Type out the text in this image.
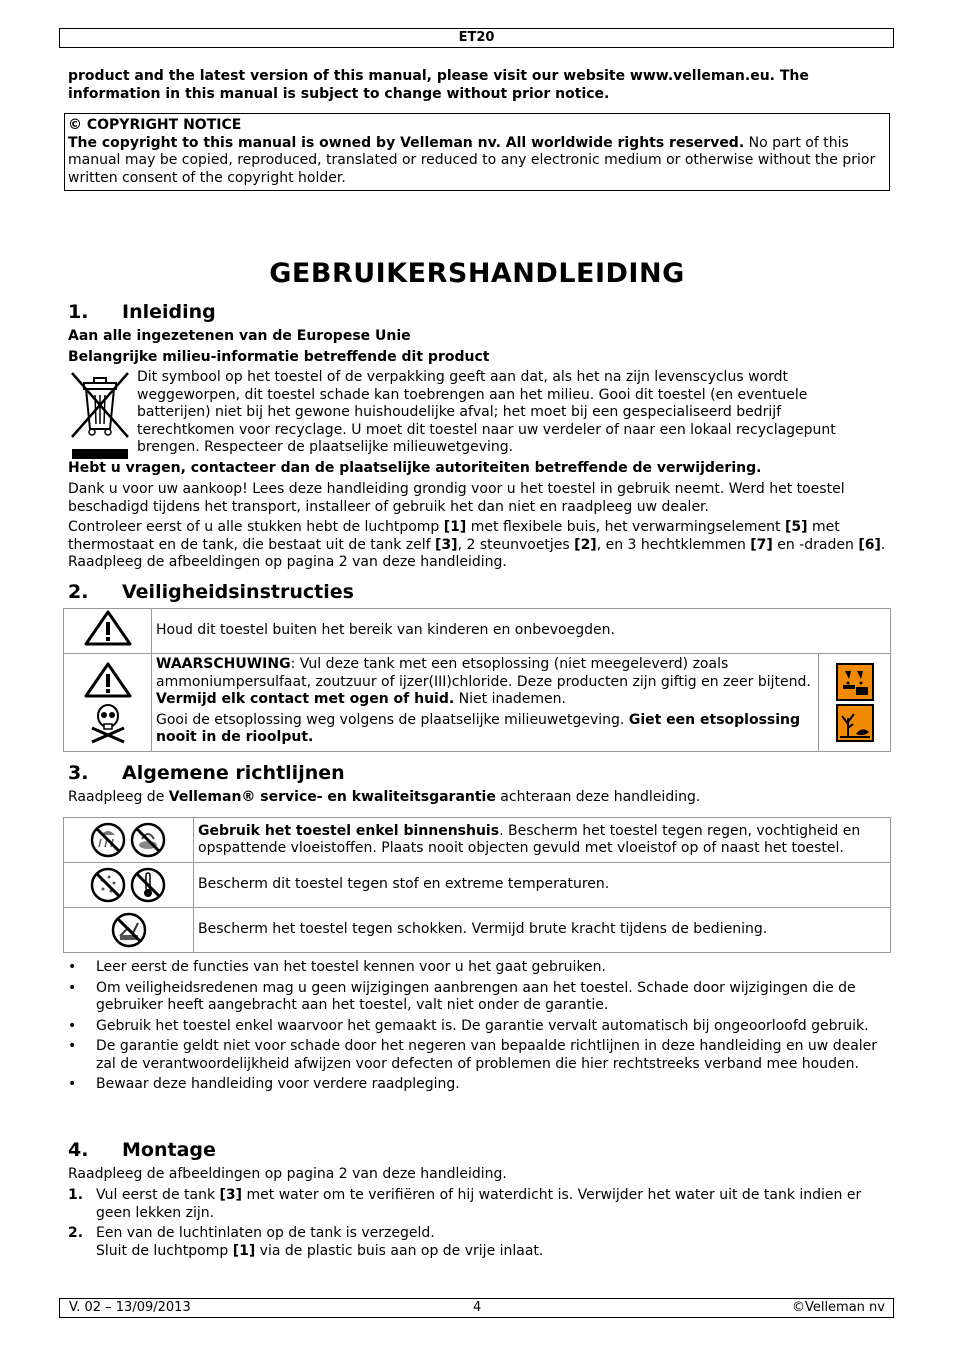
ET20
product and the latest version of this manual, please visit our website www.velleman.eu. The information in this manual is subject to change without prior notice.
© COPYRIGHT NOTICE
The copyright to this manual is owned by Velleman nv. All worldwide rights reserved. No part of this manual may be copied, reproduced, translated or reduced to any electronic medium or otherwise without the prior written consent of the copyright holder.
GEBRUIKERSHANDLEIDING
1. Inleiding
Aan alle ingezetenen van de Europese Unie
Belangrijke milieu-informatie betreffende dit product
Dit symbool op het toestel of de verpakking geeft aan dat, als het na zijn levenscyclus wordt weggeworpen, dit toestel schade kan toebrengen aan het milieu. Gooi dit toestel (en eventuele batterijen) niet bij het gewone huishoudelijke afval; het moet bij een gespecialiseerd bedrijf terechtkomen voor recyclage. U moet dit toestel naar uw verdeler of naar een lokaal recyclagepunt brengen. Respecteer de plaatselijke milieuwetgeving.
Hebt u vragen, contacteer dan de plaatselijke autoriteiten betreffende de verwijdering.
Dank u voor uw aankoop! Lees deze handleiding grondig voor u het toestel in gebruik neemt. Werd het toestel beschadigd tijdens het transport, installeer of gebruik het dan niet en raadpleeg uw dealer.
Controleer eerst of u alle stukken hebt de luchtpomp [1] met flexibele buis, het verwarmingselement [5] met thermostaat en de tank, die bestaat uit de tank zelf [3], 2 steunvoetjes [2], en 3 hechtklemmen [7] en -draden [6]. Raadpleeg de afbeeldingen op pagina 2 van deze handleiding.
2. Veiligheidsinstructies
	Houd dit toestel buiten het bereik van kinderen en onbevoegden.	

WAARSCHUWING: Vul deze tank met een etsoplossing (niet meegeleverd) zoals ammoniumpersulfaat, zoutzuur of ijzer(III)chloride. Deze producten zijn giftig en zeer bijtend. Vermijd elk contact met ogen of huid. Niet inademen.
Gooi de etsoplossing weg volgens de plaatselijke milieuwetgeving. Giet een etsoplossing nooit in de rioolput.

3. Algemene richtlijnen
Raadpleeg de Velleman® service- en kwaliteitsgarantie achteraan deze handleiding.
	Gebruik het toestel enkel binnenshuis. Bescherm het toestel tegen regen, vochtigheid en opspattende vloeistoffen. Plaats nooit objecten gevuld met vloeistof op of naast het toestel.

	Bescherm dit toestel tegen stof en extreme temperaturen.

	Bescherm het toestel tegen schokken. Vermijd brute kracht tijdens de bediening.
• Leer eerst de functies van het toestel kennen voor u het gaat gebruiken.
• Om veiligheidsredenen mag u geen wijzigingen aanbrengen aan het toestel. Schade door wijzigingen die de gebruiker heeft aangebracht aan het toestel, valt niet onder de garantie.
• Gebruik het toestel enkel waarvoor het gemaakt is. De garantie vervalt automatisch bij ongeoorloofd gebruik.
• De garantie geldt niet voor schade door het negeren van bepaalde richtlijnen in deze handleiding en uw dealer zal de verantwoordelijkheid afwijzen voor defecten of problemen die hier rechtstreeks verband mee houden.
• Bewaar deze handleiding voor verdere raadpleging.
4. Montage
Raadpleeg de afbeeldingen op pagina 2 van deze handleiding.
1. Vul eerst de tank [3] met water om te verifiëren of hij waterdicht is. Verwijder het water uit de tank indien er geen lekken zijn.
2. Een van de luchtinlaten op de tank is verzegeld.
Sluit de luchtpomp [1] via de plastic buis aan op de vrije inlaat.
V. 02 – 13/09/2013	4	©Velleman nv
